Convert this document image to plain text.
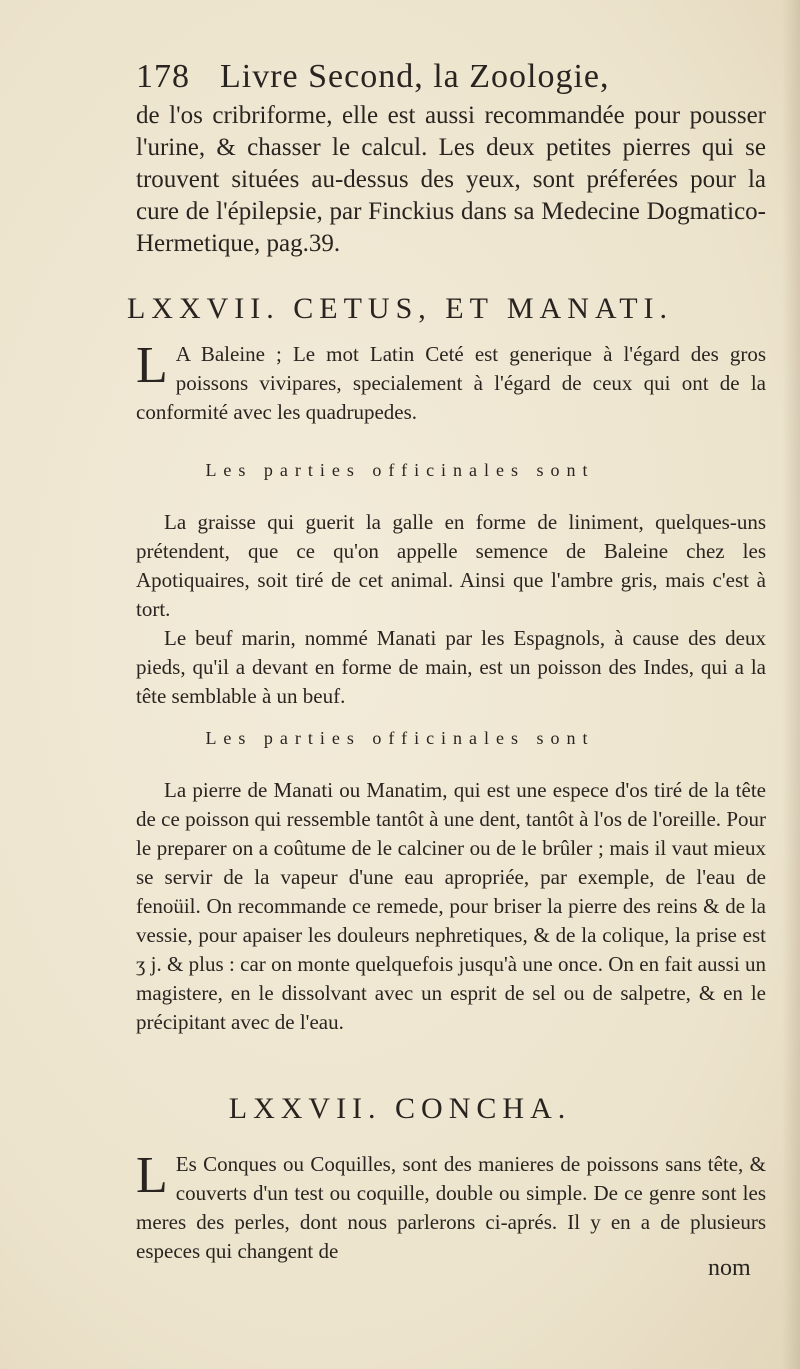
178 Livre Second, la Zoologie,
de l'os cribriforme, elle est aussi recommandée pour pousser l'urine, & chasser le calcul. Les deux petites pierres qui se trouvent situées au-dessus des yeux, sont préferées pour la cure de l'épilepsie, par Finckius dans sa Medecine Dogmatico-Hermetique, pag.39.
LXXVII. CETUS, ET MANATI.
L A Baleine ; Le mot Latin Ceté est generique à l'égard des gros poissons vivipares, specialement à l'égard de ceux qui ont de la conformité avec les quadrupedes.
Les parties officinales sont
La graisse qui guerit la galle en forme de liniment, quelques-uns prétendent, que ce qu'on appelle semence de Baleine chez les Apotiquaires, soit tiré de cet animal. Ainsi que l'ambre gris, mais c'est à tort.
Le beuf marin, nommé Manati par les Espagnols, à cause des deux pieds, qu'il a devant en forme de main, est un poisson des Indes, qui a la tête semblable à un beuf.
Les parties officinales sont
La pierre de Manati ou Manatim, qui est une espece d'os tiré de la tête de ce poisson qui ressemble tantôt à une dent, tantôt à l'os de l'oreille. Pour le preparer on a coûtume de le calciner ou de le brûler ; mais il vaut mieux se servir de la vapeur d'une eau apropriée, par exemple, de l'eau de fenoüil. On recommande ce remede, pour briser la pierre des reins & de la vessie, pour apaiser les douleurs nephretiques, & de la colique, la prise est ʒ j. & plus : car on monte quelquefois jusqu'à une once. On en fait aussi un magistere, en le dissolvant avec un esprit de sel ou de salpetre, & en le précipitant avec de l'eau.
LXXVII. CONCHA.
L Es Conques ou Coquilles, sont des manieres de poissons sans tête, & couverts d'un test ou coquille, double ou simple. De ce genre sont les meres des perles, dont nous parlerons ci-aprés. Il y en a de plusieurs especes qui changent de
nom
